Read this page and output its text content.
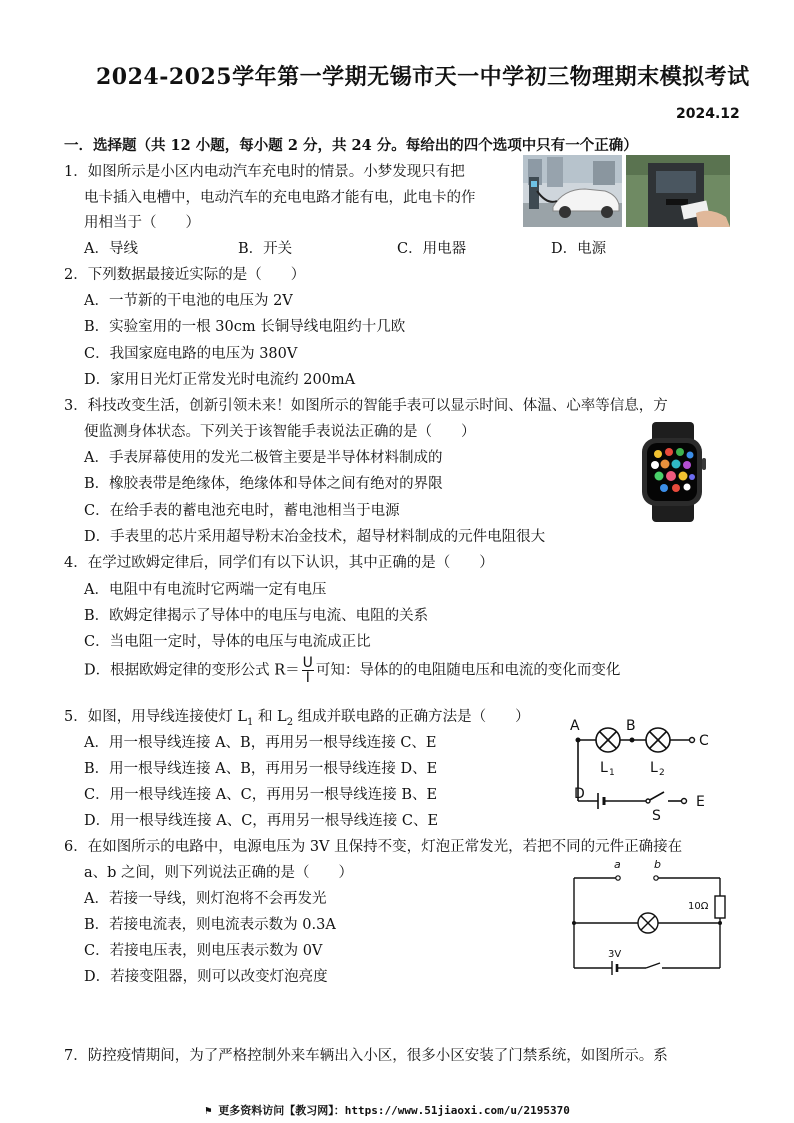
2024-2025学年第一学期无锡市天一中学初三物理期末模拟考试
2024.12
一．选择题（共 12 小题，每小题 2 分，共 24 分。每给出的四个选项中只有一个正确）
1．如图所示是小区内电动汽车充电时的情景。小梦发现只有把
电卡插入电槽中，电动汽车的充电电路才能有电，此电卡的作
用相当于（　　）
A．导线	B．开关	C．用电器	D．电源
2．下列数据最接近实际的是（　　）
A．一节新的干电池的电压为 2V
B．实验室用的一根 30cm 长铜导线电阻约十几欧
C．我国家庭电路的电压为 380V
D．家用日光灯正常发光时电流约 200mA
3．科技改变生活，创新引领未来！如图所示的智能手表可以显示时间、体温、心率等信息，方
便监测身体状态。下列关于该智能手表说法正确的是（　　）
A．手表屏幕使用的发光二极管主要是半导体材料制成的
B．橡胶表带是绝缘体，绝缘体和导体之间有绝对的界限
C．在给手表的蓄电池充电时，蓄电池相当于电源
D．手表里的芯片采用超导粉末冶金技术，超导材料制成的元件电阻很大
4．在学过欧姆定律后，同学们有以下认识，其中正确的是（　　）
A．电阻中有电流时它两端一定有电压
B．欧姆定律揭示了导体中的电压与电流、电阻的关系
C．当电阻一定时，导体的电压与电流成正比
D．根据欧姆定律的变形公式 $R= \frac{U}{I}$ 可知：导体的的电阻随电压和电流的变化而变化
5．如图，用导线连接使灯 $L_1$ 和 $L_2$ 组成并联电路的正确方法是（　　）
A．用一根导线连接 A、B，再用另一根导线连接 C、E
B．用一根导线连接 A、B，再用另一根导线连接 D、E
C．用一根导线连接 A、C，再用另一根导线连接 B、E
D．用一根导线连接 A、C，再用另一根导线连接 C、E
A	B
C
D	E
L 1	L 2
S
6．在如图所示的电路中，电源电压为 3V 且保持不变，灯泡正常发光，若把不同的元件正确接在
a、b 之间，则下列说法正确的是（　　）
A．若接一导线，则灯泡将不会再发光
B．若接电流表，则电流表示数为 0.3A
C．若接电压表，则电压表示数为 0V
D．若接变阻器，则可以改变灯泡亮度
a	b
10Ω
3V
7．防控疫情期间，为了严格控制外来车辆出入小区，很多小区安装了门禁系统，如图所示。系
⚑ 更多资料访问【教习网】：https://www.51jiaoxi.com/u/2195370
